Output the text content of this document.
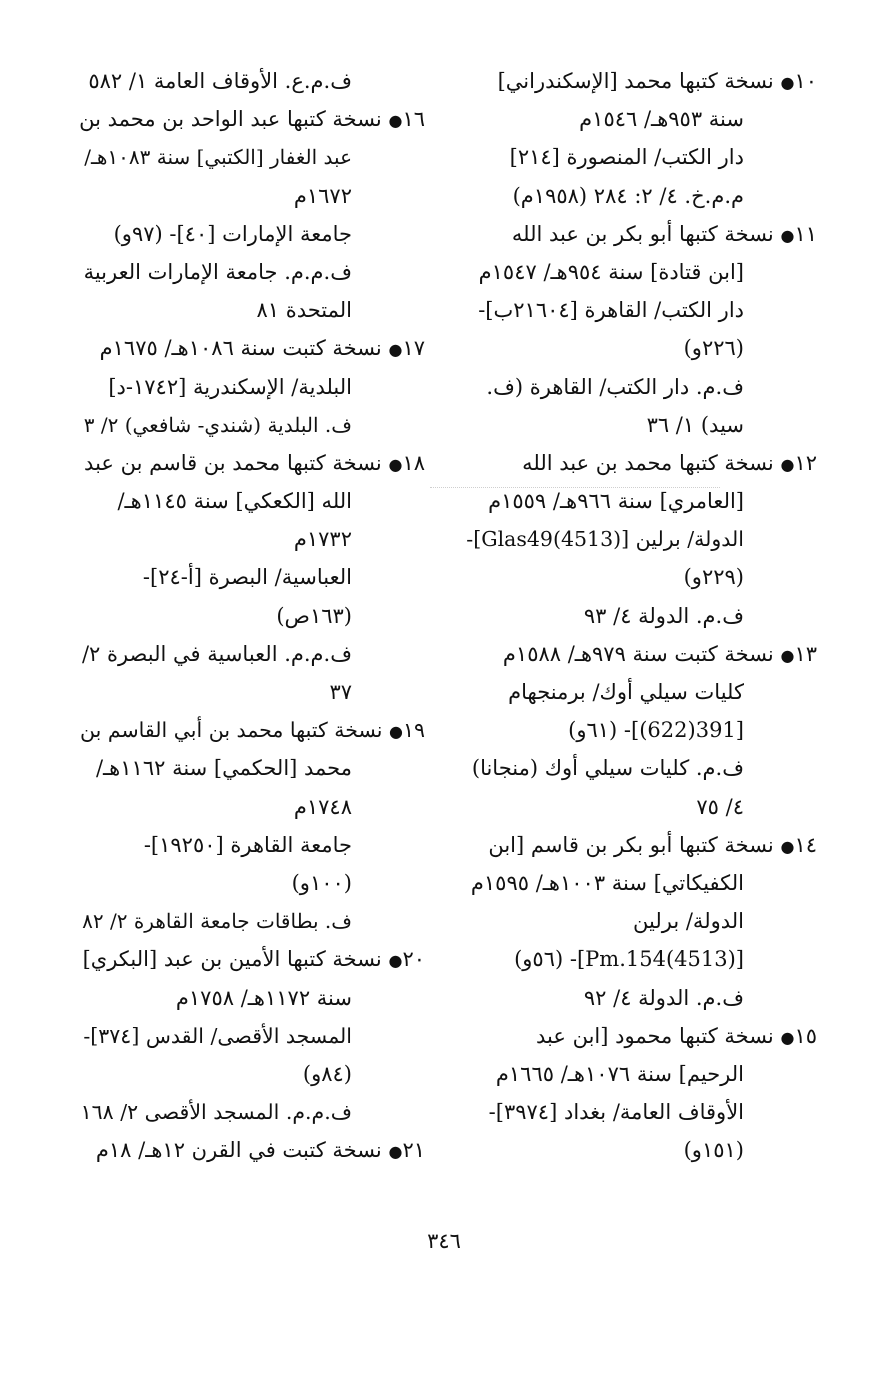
١٠● نسخة كتبها محمد [الإسكندراني]
سنة ٩٥٣هـ/ ١٥٤٦م
دار الكتب/ المنصورة [٢١٤]
م.م.خ. ٤/ ٢: ٢٨٤ (١٩٥٨م)
١١● نسخة كتبها أبو بكر بن عبد الله
[ابن قتادة] سنة ٩٥٤هـ/ ١٥٤٧م
دار الكتب/ القاهرة [٢١٦٠٤ب]-
(٢٢٦و)
ف.م. دار الكتب/ القاهرة (ف.
سيد) ١/ ٣٦
١٢● نسخة كتبها محمد بن عبد الله
[العامري] سنة ٩٦٦هـ/ ١٥٥٩م
الدولة/ برلين [Glas49(4513)]-
(٢٢٩و)
ف.م. الدولة ٤/ ٩٣
١٣● نسخة كتبت سنة ٩٧٩هـ/ ١٥٨٨م
كليات سيلي أوك/ برمنجهام
[391(622)]- (٦١و)
ف.م. كليات سيلي أوك (منجانا)
٤/ ٧٥
١٤● نسخة كتبها أبو بكر بن قاسم [ابن
الكفيكاتي] سنة ١٠٠٣هـ/ ١٥٩٥م
الدولة/ برلين
[Pm.154(4513)]- (٥٦و)
ف.م. الدولة ٤/ ٩٢
١٥● نسخة كتبها محمود [ابن عبد
الرحيم] سنة ١٠٧٦هـ/ ١٦٦٥م
الأوقاف العامة/ بغداد [٣٩٧٤]-
(١٥١و)
ف.م.ع. الأوقاف العامة ١/ ٥٨٢
١٦● نسخة كتبها عبد الواحد بن محمد بن
عبد الغفار [الكتبي] سنة ١٠٨٣هـ/
١٦٧٢م
جامعة الإمارات [٤٠]- (٩٧و)
ف.م.م. جامعة الإمارات العربية
المتحدة ٨١
١٧● نسخة كتبت سنة ١٠٨٦هـ/ ١٦٧٥م
البلدية/ الإسكندرية [١٧٤٢-د]
ف. البلدية (شندي- شافعي) ٢/ ٣
١٨● نسخة كتبها محمد بن قاسم بن عبد
الله [الكعكي] سنة ١١٤٥هـ/
١٧٣٢م
العباسية/ البصرة [أ-٢٤]-
(١٦٣ص)
ف.م.م. العباسية في البصرة ٢/
٣٧
١٩● نسخة كتبها محمد بن أبي القاسم بن
محمد [الحكمي] سنة ١١٦٢هـ/
١٧٤٨م
جامعة القاهرة [١٩٢٥٠]-
(١٠٠و)
ف. بطاقات جامعة القاهرة ٢/ ٨٢
٢٠● نسخة كتبها الأمين بن عبد [البكري]
سنة ١١٧٢هـ/ ١٧٥٨م
المسجد الأقصى/ القدس [٣٧٤]-
(٨٤و)
ف.م.م. المسجد الأقصى ٢/ ١٦٨
٢١● نسخة كتبت في القرن ١٢هـ/ ١٨م
٣٤٦
